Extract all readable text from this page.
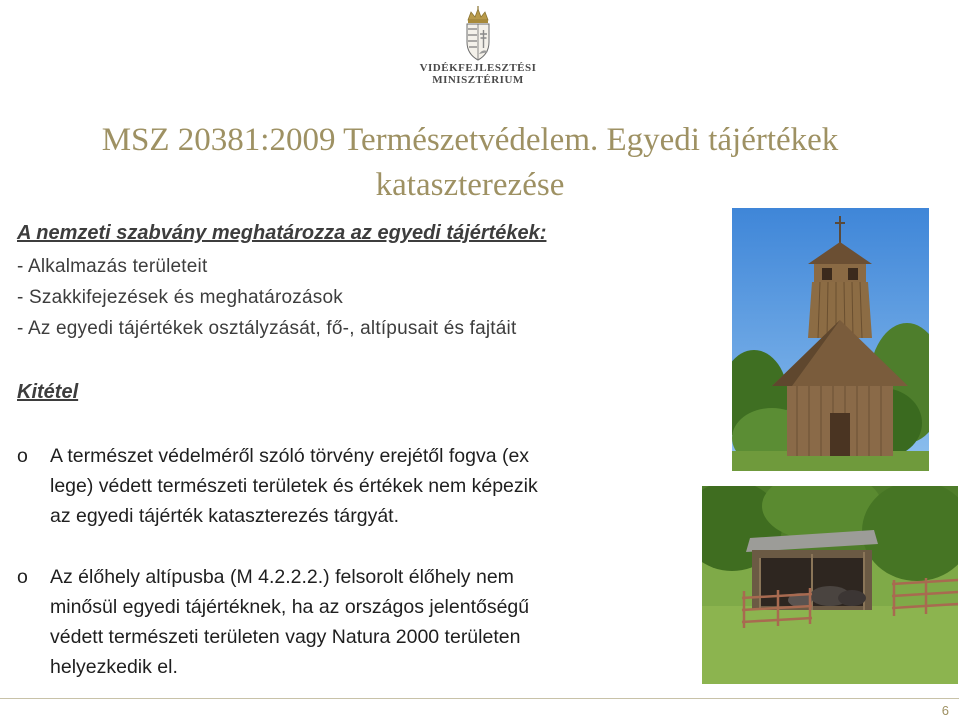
VIDÉKFEJLESZTÉSI
MINISZTÉRIUM
MSZ 20381:2009 Természetvédelem. Egyedi tájértékek
kataszterezése
A nemzeti szabvány meghatározza az egyedi tájértékek:
- Alkalmazás területeit
- Szakkifejezések és meghatározások
- Az egyedi tájértékek osztályzását, fő-, altípusait és fajtáit
Kitétel
o A természet védelméről szóló törvény erejétől fogva (ex
lege) védett természeti területek és értékek nem képezik
az egyedi tájérték kataszterezés tárgyát.
o Az élőhely altípusba (M 4.2.2.2.) felsorolt élőhely nem
minősül egyedi tájértéknek, ha az országos jelentőségű
védett természeti területen vagy Natura 2000 területen
helyezkedik el.
6
